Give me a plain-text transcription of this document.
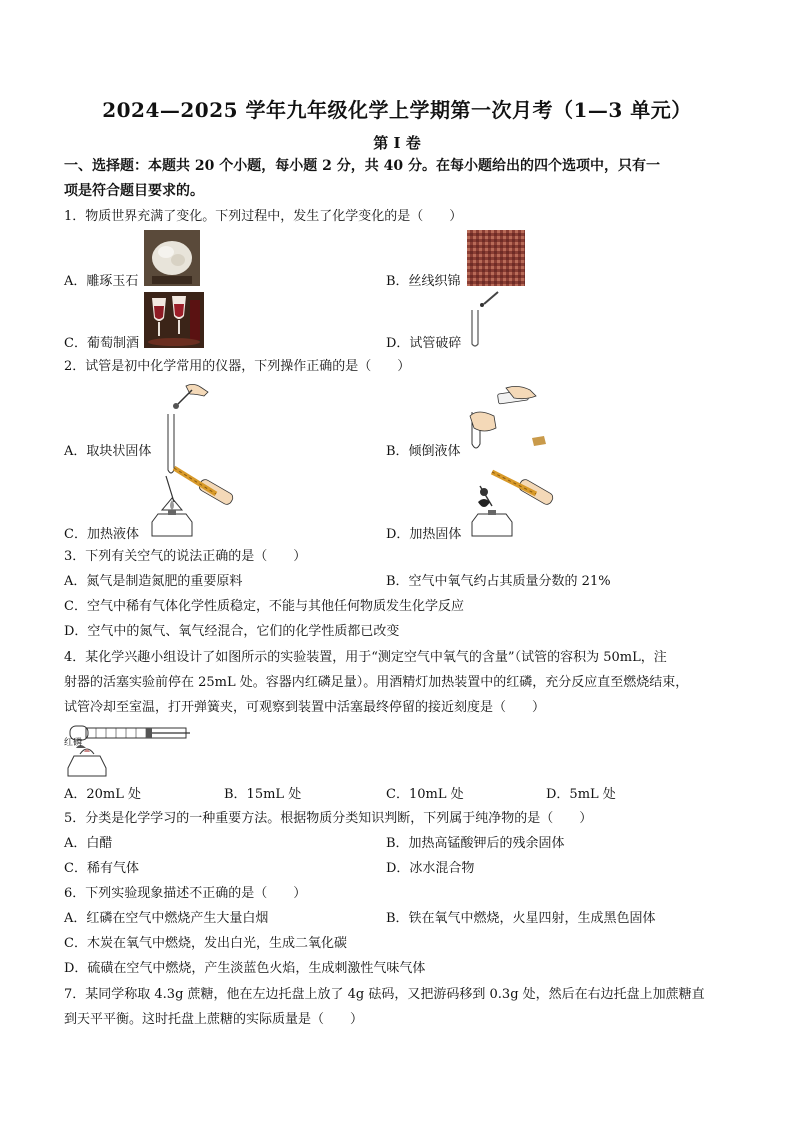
2024—2025 学年九年级化学上学期第一次月考（1—3 单元）
第 I 卷
一、选择题：本题共 20 个小题，每小题 2 分，共 40 分。在每小题给出的四个选项中，只有一
项是符合题目要求的。
1．物质世界充满了变化。下列过程中，发生了化学变化的是（　　）
A．雕琢玉石	B．丝线织锦
C．葡萄制酒	D．试管破碎
2．试管是初中化学常用的仪器，下列操作正确的是（　　）
A．取块状固体	B．倾倒液体
C．加热液体	D．加热固体
3．下列有关空气的说法正确的是（　　）
A．氮气是制造氮肥的重要原料	B．空气中氧气约占其质量分数的 21%
C．空气中稀有气体化学性质稳定，不能与其他任何物质发生化学反应
D．空气中的氮气、氧气经混合，它们的化学性质都已改变
4．某化学兴趣小组设计了如图所示的实验装置，用于“测定空气中氧气的含量”（试管的容积为 50mL，注
射器的活塞实验前停在 25mL 处。容器内红磷足量）。用酒精灯加热装置中的红磷，充分反应直至燃烧结束，
试管冷却至室温，打开弹簧夹，可观察到装置中活塞最终停留的接近刻度是（　　）
红磷
A．20mL 处	B．15mL 处	C．10mL 处	D．5mL 处
5．分类是化学学习的一种重要方法。根据物质分类知识判断，下列属于纯净物的是（　　）
A．白醋	B．加热高锰酸钾后的残余固体
C．稀有气体	D．冰水混合物
6．下列实验现象描述不正确的是（　　）
A．红磷在空气中燃烧产生大量白烟	B．铁在氧气中燃烧，火星四射，生成黑色固体
C．木炭在氧气中燃烧，发出白光，生成二氧化碳
D．硫磺在空气中燃烧，产生淡蓝色火焰，生成刺激性气味气体
7．某同学称取 4.3g 蔗糖，他在左边托盘上放了 4g 砝码，又把游码移到 0.3g 处，然后在右边托盘上加蔗糖直
到天平平衡。这时托盘上蔗糖的实际质量是（　　）
